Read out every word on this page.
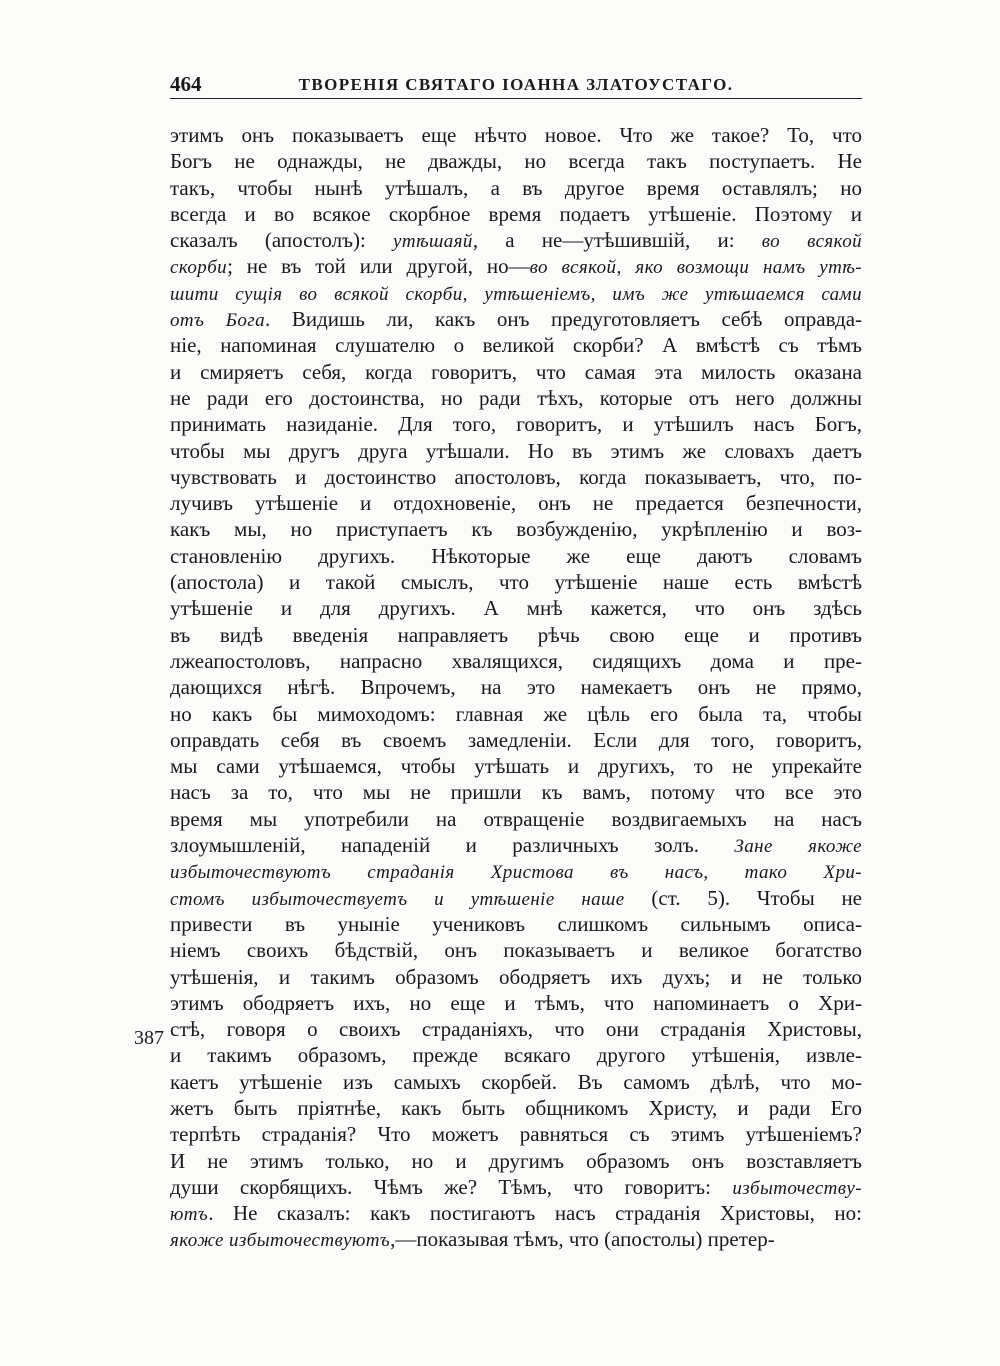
464	ТВОРЕНІЯ СВЯТАГО ІОАННА ЗЛАТОУСТАГО.
387
этимъ онъ показываетъ еще нѣчто новое. Что же такое? То, что
Богъ не однажды, не дважды, но всегда такъ поступаетъ. Не
такъ, чтобы нынѣ утѣшалъ, а въ другое время оставлялъ; но
всегда и во всякое скорбное время подаетъ утѣшеніе. Поэтому и
сказалъ (апостолъ): утѣшаяй, а не—утѣшившій, и: во всякой
скорби; не въ той или другой, но—во всякой, яко возмощи намъ утѣ-
шити сущія во всякой скорби, утѣшеніемъ, имъ же утѣшаемся сами
отъ Бога. Видишь ли, какъ онъ предуготовляетъ себѣ оправда-
ніе, напоминая слушателю о великой скорби? А вмѣстѣ съ тѣмъ
и смиряетъ себя, когда говоритъ, что самая эта милость оказана
не ради его достоинства, но ради тѣхъ, которые отъ него должны
принимать назиданіе. Для того, говоритъ, и утѣшилъ насъ Богъ,
чтобы мы другъ друга утѣшали. Но въ этимъ же словахъ даетъ
чувствовать и достоинство апостоловъ, когда показываетъ, что, по-
лучивъ утѣшеніе и отдохновеніе, онъ не предается безпечности,
какъ мы, но приступаетъ къ возбужденію, укрѣпленію и воз-
становленію другихъ. Нѣкоторые же еще даютъ словамъ
(апостола) и такой смыслъ, что утѣшеніе наше есть вмѣстѣ
утѣшеніе и для другихъ. А мнѣ кажется, что онъ здѣсь
въ видѣ введенія направляетъ рѣчь свою еще и противъ
лжеапостоловъ, напрасно хвалящихся, сидящихъ дома и пре-
дающихся нѣгѣ. Впрочемъ, на это намекаетъ онъ не прямо,
но какъ бы мимоходомъ: главная же цѣль его была та, чтобы
оправдать себя въ своемъ замедленіи. Если для того, говоритъ,
мы сами утѣшаемся, чтобы утѣшать и другихъ, то не упрекайте
насъ за то, что мы не пришли къ вамъ, потому что все это
время мы употребили на отвращеніе воздвигаемыхъ на насъ
злоумышленій, нападеній и различныхъ золъ. Зане якоже
избыточествуютъ страданія Христова въ насъ, тако Хри-
стомъ избыточествуетъ и утѣшеніе наше (ст. 5). Чтобы не
привести въ уныніе учениковъ слишкомъ сильнымъ описа-
ніемъ своихъ бѣдствій, онъ показываетъ и великое богатство
утѣшенія, и такимъ образомъ ободряетъ ихъ духъ; и не только
этимъ ободряетъ ихъ, но еще и тѣмъ, что напоминаетъ о Хри-
стѣ, говоря о своихъ страданіяхъ, что они страданія Христовы,
и такимъ образомъ, прежде всякаго другого утѣшенія, извле-
каетъ утѣшеніе изъ самыхъ скорбей. Въ самомъ дѣлѣ, что мо-
жетъ быть пріятнѣе, какъ быть общникомъ Христу, и ради Его
терпѣть страданія? Что можетъ равняться съ этимъ утѣшеніемъ?
И не этимъ только, но и другимъ образомъ онъ возставляетъ
души скорбящихъ. Чѣмъ же? Тѣмъ, что говоритъ: избыточеству-
ютъ. Не сказалъ: какъ постигаютъ насъ страданія Христовы, но:
якоже избыточествуютъ,—показывая тѣмъ, что (апостолы) претер-
